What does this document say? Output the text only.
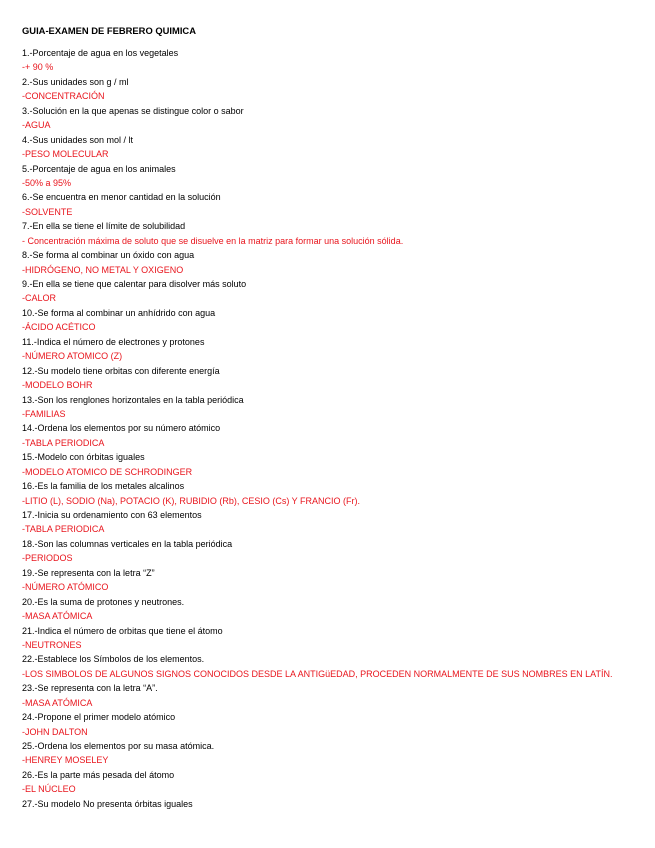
GUIA-EXAMEN DE FEBRERO QUIMICA
1.-Porcentaje de agua en los vegetales
-+ 90 %
2.-Sus unidades son g / ml
-CONCENTRACIÓN
3.-Solución en la que apenas se distingue color o sabor
-AGUA
4.-Sus unidades son mol / lt
-PESO MOLECULAR
5.-Porcentaje de agua en los animales
-50% a 95%
6.-Se encuentra en menor cantidad en la solución
-SOLVENTE
7.-En ella se tiene el límite de solubilidad
- Concentración máxima de soluto que se disuelve en la matriz para formar una solución sólida.
8.-Se forma al combinar un óxido con agua
-HIDRÓGENO, NO METAL Y OXIGENO
9.-En ella se tiene que calentar para disolver más soluto
-CALOR
10.-Se forma al combinar un anhídrido con agua
-ÁCIDO ACÉTICO
11.-Indica el número de electrones y protones
-NÚMERO ATOMICO (Z)
12.-Su modelo tiene orbitas con diferente energía
-MODELO BOHR
13.-Son los renglones horizontales en la tabla periódica
-FAMILIAS
14.-Ordena los elementos por su número atómico
-TABLA PERIODICA
15.-Modelo con órbitas iguales
-MODELO ATOMICO DE SCHRODINGER
16.-Es la familia de los metales alcalinos
-LITIO (L), SODIO (Na), POTACIO (K), RUBIDIO (Rb), CESIO (Cs) Y FRANCIO (Fr).
17.-Inicia su ordenamiento con 63 elementos
-TABLA PERIODICA
18.-Son las columnas verticales en la tabla periódica
-PERIODOS
19.-Se representa con la letra “Z”
-NÚMERO ATÓMICO
20.-Es la suma de protones y neutrones.
-MASA ATÓMICA
21.-Indica el número de orbitas que tiene el átomo
-NEUTRONES
22.-Establece los Símbolos de los elementos.
-LOS SIMBOLOS DE ALGUNOS SIGNOS CONOCIDOS DESDE LA ANTIGüEDAD, PROCEDEN NORMALMENTE DE SUS NOMBRES EN LATÍN.
23.-Se representa con la letra “A”.
-MASA ATÓMICA
24.-Propone el primer modelo atómico
-JOHN DALTON
25.-Ordena los elementos por su masa atómica.
-HENREY MOSELEY
26.-Es la parte más pesada del átomo
-EL NÚCLEO
27.-Su modelo No presenta órbitas iguales
